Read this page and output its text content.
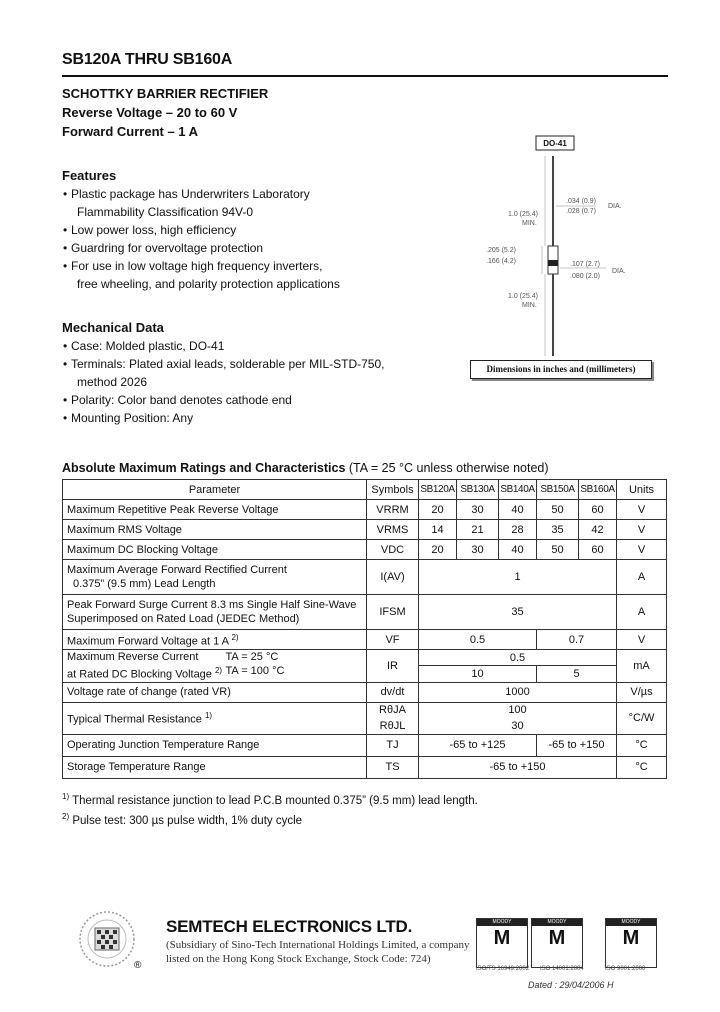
SB120A THRU SB160A
SCHOTTKY BARRIER RECTIFIER
Reverse Voltage – 20 to 60 V
Forward Current – 1 A
Features
• Plastic package has Underwriters Laboratory
Flammability Classification 94V-0
• Low power loss, high efficiency
• Guardring for overvoltage protection
• For use in low voltage high frequency inverters,
free wheeling, and polarity protection applications
Mechanical Data
• Case: Molded plastic, DO-41
• Terminals: Plated axial leads, solderable per MIL-STD-750,
method 2026
• Polarity: Color band denotes cathode end
• Mounting Position: Any
DO-41
.034 (0.9)
.028 (0.7)
DIA.
1.0 (25.4)
MIN.
.205 (5.2)
.166 (4.2)	.107 (2.7)
.080 (2.0)
DIA.
1.0 (25.4)
MIN.
Dimensions in inches and (millimeters)
Absolute Maximum Ratings and Characteristics (TA = 25 °C unless otherwise noted)
Parameter	Symbols	SB120A	SB130A	SB140A	SB150A	SB160A	Units
Maximum Repetitive Peak Reverse Voltage	VRRM	20	30	40	50	60	V
Maximum RMS Voltage	VRMS	14	21	28	35	42	V
Maximum DC Blocking Voltage	VDC	20	30	40	50	60	V

Maximum Average Forward Rectified Current
0.375” (9.5 mm) Lead Length	I(AV)	1					A

Peak Forward Surge Current 8.3 ms Single Half Sine-Wave
Superimposed on Rated Load (JEDEC Method)	IFSM	35					A
Maximum Forward Voltage at 1 A $^{2)}$	VF	0.5			0.7		V

Maximum Reverse Current TA = 25 °C
at Rated DC Blocking Voltage $^{2)}$ TA = 100 °C	IR	0.5					mA
		10			5		
Voltage rate of change (rated VR)	dv/dt	1000					V/µs
Typical Thermal Resistance $^{1)}$	RθJA	100					°C/W
	RθJL	30					
Operating Junction Temperature Range	TJ	-65 to +125			-65 to +150		°C
Storage Temperature Range	TS	-65 to +150					°C
$^{1)}$ Thermal resistance junction to lead P.C.B mounted 0.375” (9.5 mm) lead length.
$^{2)}$ Pulse test: 300 µs pulse width, 1% duty cycle
®
SEMTECH ELECTRONICS LTD.
(Subsidiary of Sino-Tech International Holdings Limited, a company
listed on the Hong Kong Stock Exchange, Stock Code: 724)
MOODY
M
MOODY
M
MOODY
M
ISO/TS 16949:2002	ISO 14001:2004	ISO 9001:2000
Dated : 29/04/2006 H
